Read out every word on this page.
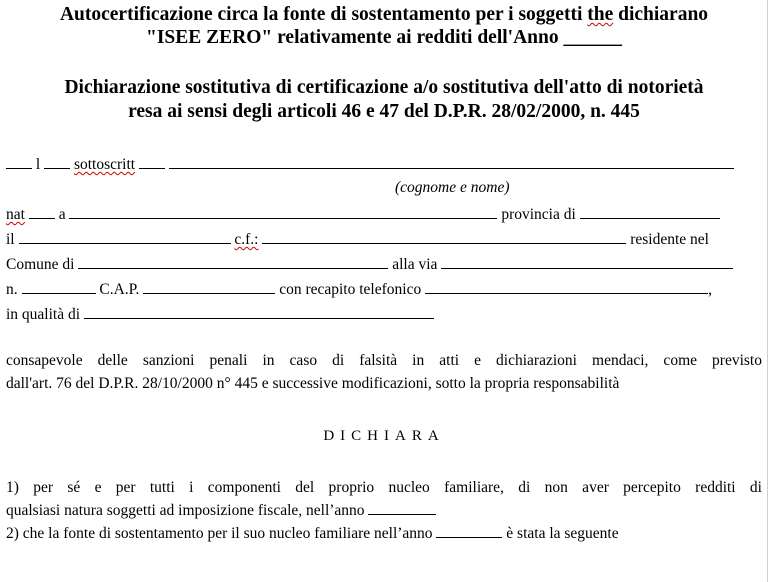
Autocertificazione circa la fonte di sostentamento per i soggetti the dichiarano
"ISEE ZERO" relativamente ai redditi dell'Anno ______
Dichiarazione sostitutiva di certificazione a/o sostitutiva dell'atto di notorietà
resa ai sensi degli articoli 46 e 47 del D.P.R. 28/02/2000, n. 445
l sottoscritt
(cognome e nome)
nat a	provincia di
il	c.f.:	residente nel
Comune di	alla via
n.	C.A.P.	con recapito telefonico	,
in qualità di
consapevole delle sanzioni penali in caso di falsità in atti e dichiarazioni mendaci, come previsto
dall'art. 76 del D.P.R. 28/10/2000 n° 445 e successive modificazioni, sotto la propria responsabilità
DICHIARA
1) per sé e per tutti i componenti del proprio nucleo familiare, di non aver percepito redditi di
qualsiasi natura soggetti ad imposizione fiscale, nell’anno
2) che la fonte di sostentamento per il suo nucleo familiare nell’anno	è stata la seguente
